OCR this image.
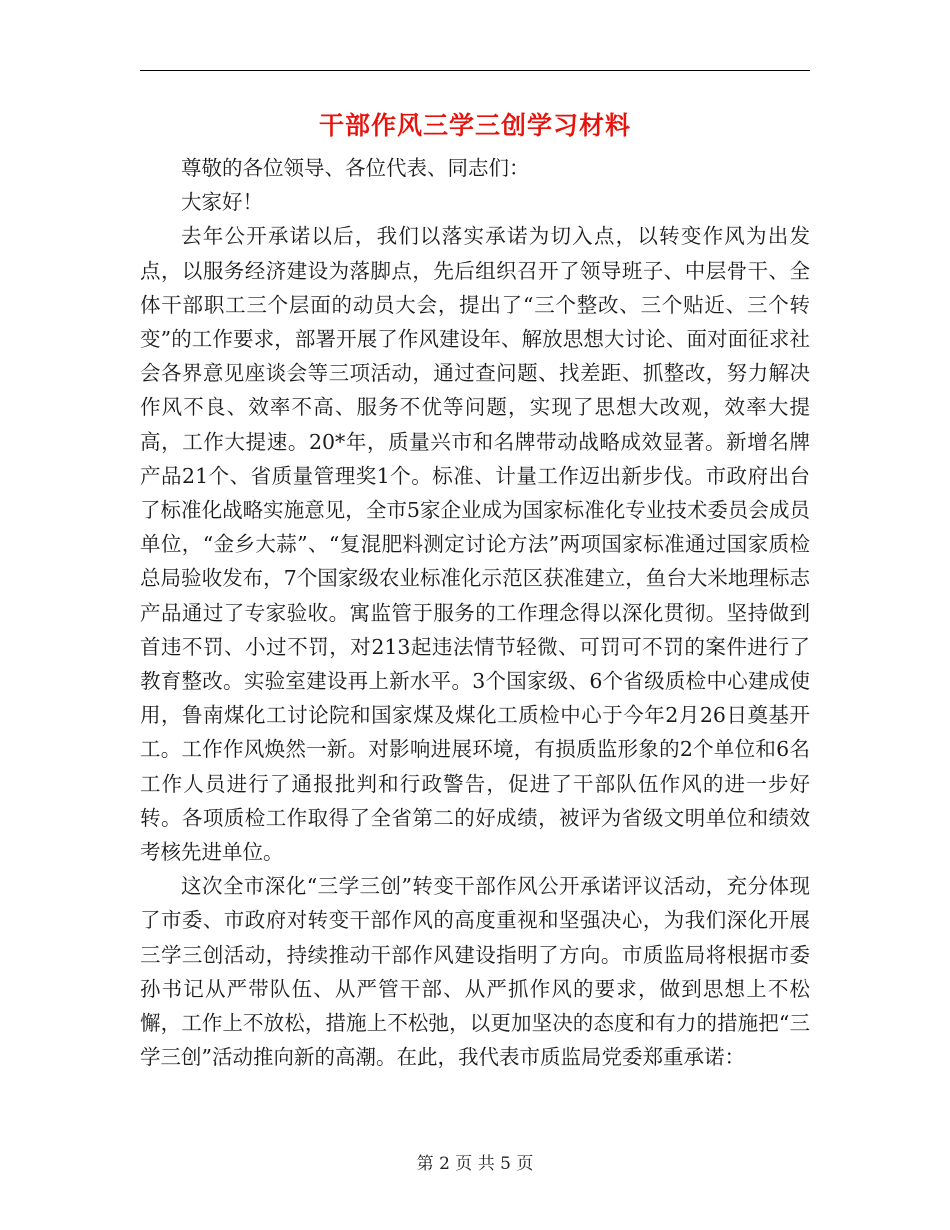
干部作风三学三创学习材料

尊敬的各位领导、各位代表、同志们：

大家好！

去年公开承诺以后，我们以落实承诺为切入点，以转变作风为出发点，以服务经济建设为落脚点，先后组织召开了领导班子、中层骨干、全体干部职工三个层面的动员大会，提出了“三个整改、三个贴近、三个转变”的工作要求，部署开展了作风建设年、解放思想大讨论、面对面征求社会各界意见座谈会等三项活动，通过查问题、找差距、抓整改，努力解决作风不良、效率不高、服务不优等问题，实现了思想大改观，效率大提高，工作大提速。20*年，质量兴市和名牌带动战略成效显著。新增名牌产品21个、省质量管理奖1个。标准、计量工作迈出新步伐。市政府出台了标准化战略实施意见，全市5家企业成为国家标准化专业技术委员会成员单位，“金乡大蒜”、“复混肥料测定讨论方法”两项国家标准通过国家质检总局验收发布，7个国家级农业标准化示范区获准建立，鱼台大米地理标志产品通过了专家验收。寓监管于服务的工作理念得以深化贯彻。坚持做到首违不罚、小过不罚，对213起违法情节轻微、可罚可不罚的案件进行了教育整改。实验室建设再上新水平。3个国家级、6个省级质检中心建成使用，鲁南煤化工讨论院和国家煤及煤化工质检中心于今年2月26日奠基开工。工作作风焕然一新。对影响进展环境，有损质监形象的2个单位和6名工作人员进行了通报批判和行政警告，促进了干部队伍作风的进一步好转。各项质检工作取得了全省第二的好成绩，被评为省级文明单位和绩效考核先进单位。

这次全市深化“三学三创”转变干部作风公开承诺评议活动，充分体现了市委、市政府对转变干部作风的高度重视和坚强决心，为我们深化开展三学三创活动，持续推动干部作风建设指明了方向。市质监局将根据市委孙书记从严带队伍、从严管干部、从严抓作风的要求，做到思想上不松懈，工作上不放松，措施上不松弛，以更加坚决的态度和有力的措施把“三学三创”活动推向新的高潮。在此，我代表市质监局党委郑重承诺：

第 2 页 共 5 页
